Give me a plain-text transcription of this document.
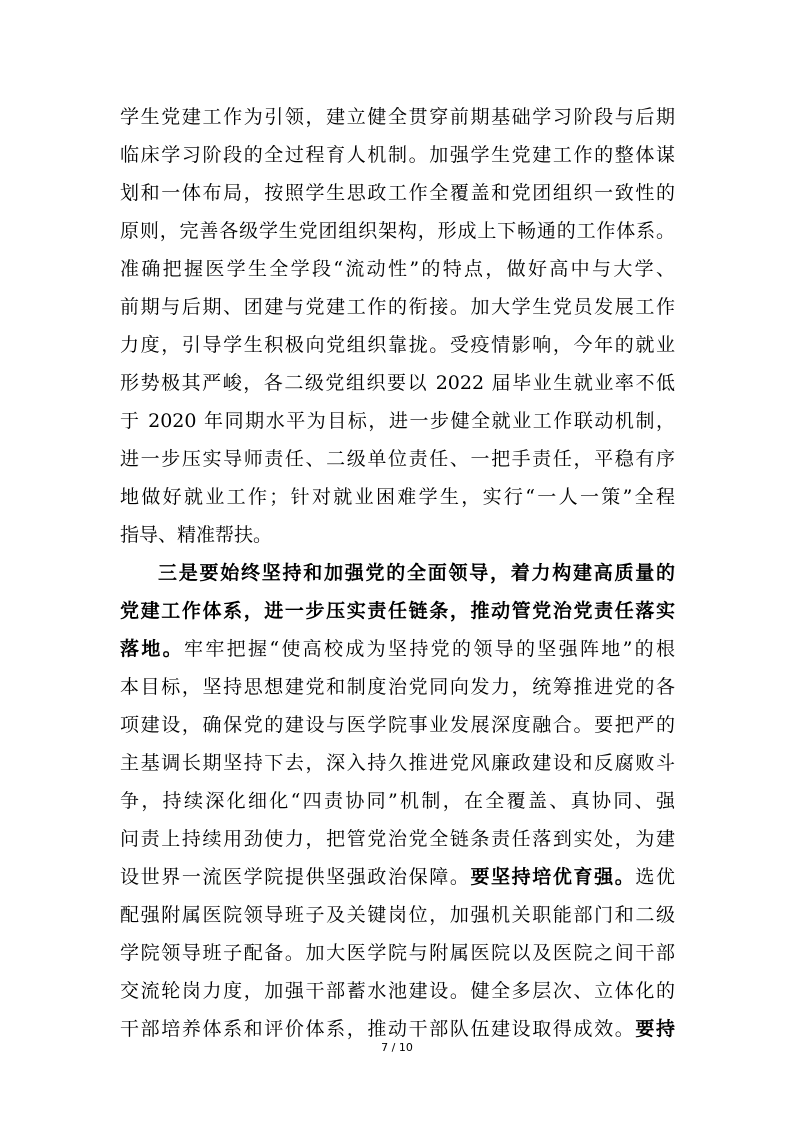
学生党建工作为引领，建立健全贯穿前期基础学习阶段与后期
临床学习阶段的全过程育人机制。加强学生党建工作的整体谋
划和一体布局，按照学生思政工作全覆盖和党团组织一致性的
原则，完善各级学生党团组织架构，形成上下畅通的工作体系。
准确把握医学生全学段“流动性”的特点，做好高中与大学、
前期与后期、团建与党建工作的衔接。加大学生党员发展工作
力度，引导学生积极向党组织靠拢。受疫情影响，今年的就业
形势极其严峻，各二级党组织要以 2022 届毕业生就业率不低
于 2020 年同期水平为目标，进一步健全就业工作联动机制，
进一步压实导师责任、二级单位责任、一把手责任，平稳有序
地做好就业工作；针对就业困难学生，实行“一人一策”全程
指导、精准帮扶。
三是要始终坚持和加强党的全面领导，着力构建高质量的
党建工作体系，进一步压实责任链条，推动管党治党责任落实
落地。牢牢把握“使高校成为坚持党的领导的坚强阵地”的根
本目标，坚持思想建党和制度治党同向发力，统筹推进党的各
项建设，确保党的建设与医学院事业发展深度融合。要把严的
主基调长期坚持下去，深入持久推进党风廉政建设和反腐败斗
争，持续深化细化“四责协同”机制，在全覆盖、真协同、强
问责上持续用劲使力，把管党治党全链条责任落到实处，为建
设世界一流医学院提供坚强政治保障。要坚持培优育强。选优
配强附属医院领导班子及关键岗位，加强机关职能部门和二级
学院领导班子配备。加大医学院与附属医院以及医院之间干部
交流轮岗力度，加强干部蓄水池建设。健全多层次、立体化的
干部培养体系和评价体系，推动干部队伍建设取得成效。要持
7 / 10
